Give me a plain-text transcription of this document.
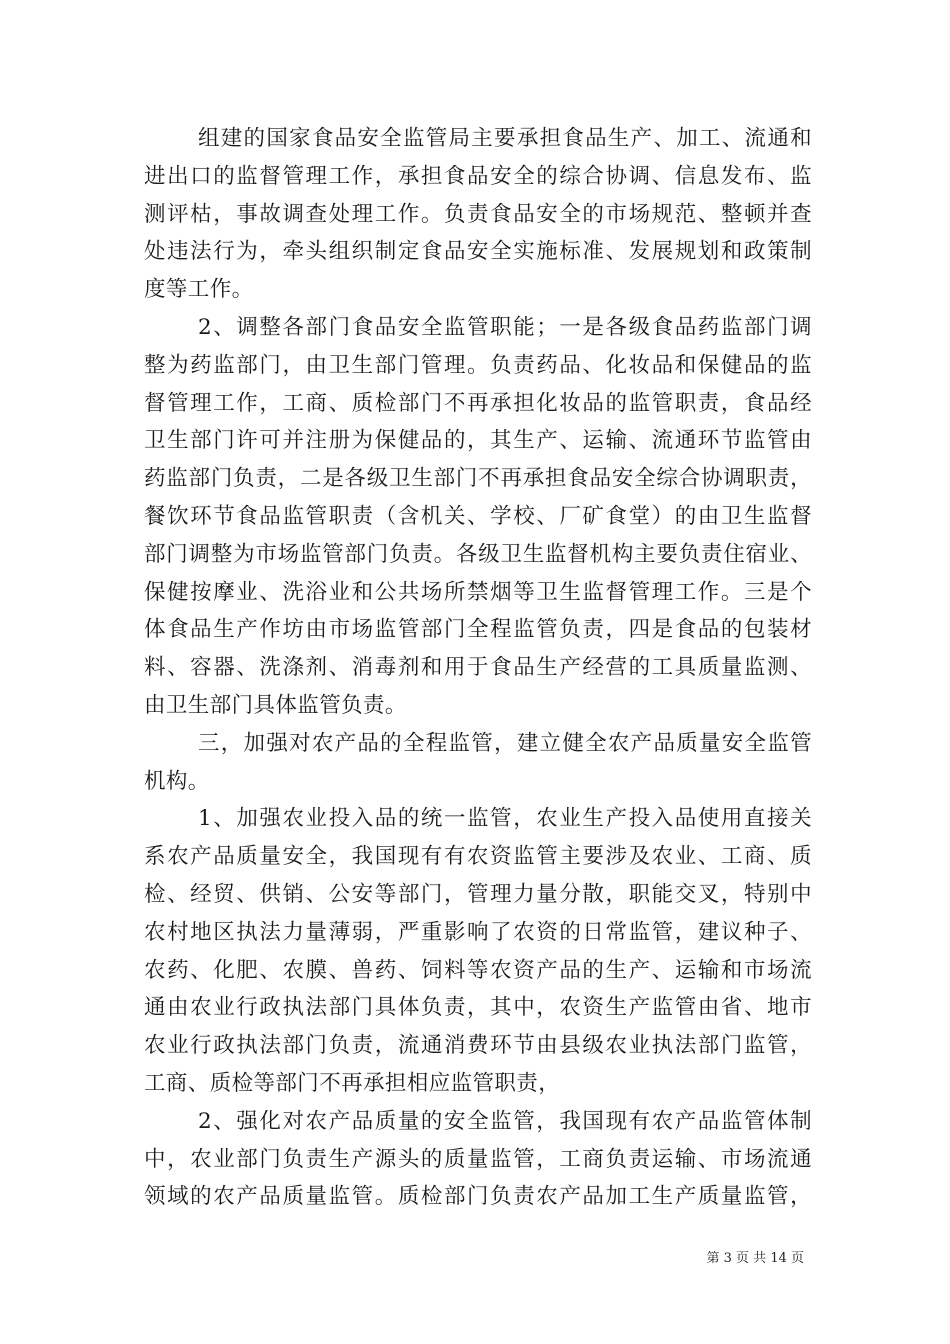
组建的国家食品安全监管局主要承担食品生产、加工、流通和
进出口的监督管理工作，承担食品安全的综合协调、信息发布、监
测评枯，事故调查处理工作。负责食品安全的市场规范、整顿并查
处违法行为，牵头组织制定食品安全实施标准、发展规划和政策制
度等工作。
2、调整各部门食品安全监管职能；一是各级食品药监部门调
整为药监部门，由卫生部门管理。负责药品、化妆品和保健品的监
督管理工作，工商、质检部门不再承担化妆品的监管职责，食品经
卫生部门许可并注册为保健品的，其生产、运输、流通环节监管由
药监部门负责，二是各级卫生部门不再承担食品安全综合协调职责，
餐饮环节食品监管职责（含机关、学校、厂矿食堂）的由卫生监督
部门调整为市场监管部门负责。各级卫生监督机构主要负责住宿业、
保健按摩业、洗浴业和公共场所禁烟等卫生监督管理工作。三是个
体食品生产作坊由市场监管部门全程监管负责，四是食品的包装材
料、容器、洗涤剂、消毒剂和用于食品生产经营的工具质量监测、
由卫生部门具体监管负责。
三，加强对农产品的全程监管，建立健全农产品质量安全监管
机构。
1、加强农业投入品的统一监管，农业生产投入品使用直接关
系农产品质量安全，我国现有有农资监管主要涉及农业、工商、质
检、经贸、供销、公安等部门，管理力量分散，职能交叉，特别中
农村地区执法力量薄弱，严重影响了农资的日常监管，建议种子、
农药、化肥、农膜、兽药、饲料等农资产品的生产、运输和市场流
通由农业行政执法部门具体负责，其中，农资生产监管由省、地市
农业行政执法部门负责，流通消费环节由县级农业执法部门监管，
工商、质检等部门不再承担相应监管职责，
2、强化对农产品质量的安全监管，我国现有农产品监管体制
中，农业部门负责生产源头的质量监管，工商负责运输、市场流通
领域的农产品质量监管。质检部门负责农产品加工生产质量监管，
第 3 页 共 14 页
